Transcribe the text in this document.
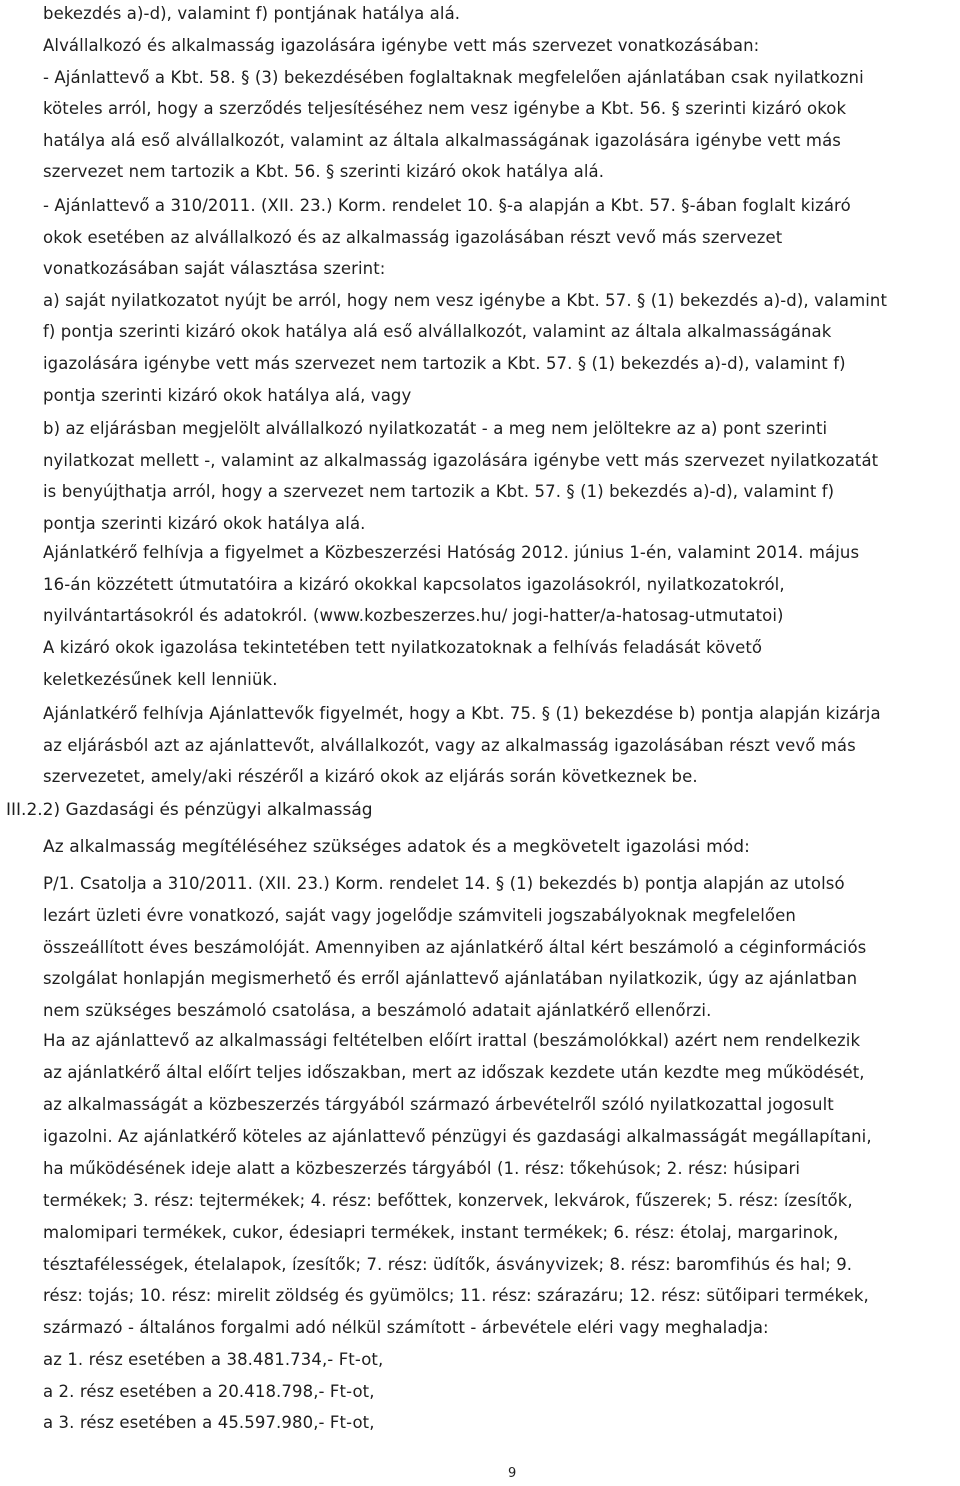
bekezdés a)-d), valamint f) pontjának hatálya alá.
Alvállalkozó és alkalmasság igazolására igénybe vett más szervezet vonatkozásában:
- Ajánlattevő a Kbt. 58. § (3) bekezdésében foglaltaknak megfelelően ajánlatában csak nyilatkozni
köteles arról, hogy a szerződés teljesítéséhez nem vesz igénybe a Kbt. 56. § szerinti kizáró okok
hatálya alá eső alvállalkozót, valamint az általa alkalmasságának igazolására igénybe vett más
szervezet nem tartozik a Kbt. 56. § szerinti kizáró okok hatálya alá.
- Ajánlattevő a 310/2011. (XII. 23.) Korm. rendelet 10. §-a alapján a Kbt. 57. §-ában foglalt kizáró
okok esetében az alvállalkozó és az alkalmasság igazolásában részt vevő más szervezet
vonatkozásában saját választása szerint:
a) saját nyilatkozatot nyújt be arról, hogy nem vesz igénybe a Kbt. 57. § (1) bekezdés a)-d), valamint
f) pontja szerinti kizáró okok hatálya alá eső alvállalkozót, valamint az általa alkalmasságának
igazolására igénybe vett más szervezet nem tartozik a Kbt. 57. § (1) bekezdés a)-d), valamint f)
pontja szerinti kizáró okok hatálya alá, vagy
b) az eljárásban megjelölt alvállalkozó nyilatkozatát - a meg nem jelöltekre az a) pont szerinti
nyilatkozat mellett -, valamint az alkalmasság igazolására igénybe vett más szervezet nyilatkozatát
is benyújthatja arról, hogy a szervezet nem tartozik a Kbt. 57. § (1) bekezdés a)-d), valamint f)
pontja szerinti kizáró okok hatálya alá.
Ajánlatkérő felhívja a figyelmet a Közbeszerzési Hatóság 2012. június 1-én, valamint 2014. május
16-án közzétett útmutatóira a kizáró okokkal kapcsolatos igazolásokról, nyilatkozatokról,
nyilvántartásokról és adatokról. (www.kozbeszerzes.hu/ jogi-hatter/a-hatosag-utmutatoi)
A kizáró okok igazolása tekintetében tett nyilatkozatoknak a felhívás feladását követő
keletkezésűnek kell lenniük.
Ajánlatkérő felhívja Ajánlattevők figyelmét, hogy a Kbt. 75. § (1) bekezdése b) pontja alapján kizárja
az eljárásból azt az ajánlattevőt, alvállalkozót, vagy az alkalmasság igazolásában részt vevő más
szervezetet, amely/aki részéről a kizáró okok az eljárás során következnek be.
III.2.2) Gazdasági és pénzügyi alkalmasság
Az alkalmasság megítéléséhez szükséges adatok és a megkövetelt igazolási mód:
P/1. Csatolja a 310/2011. (XII. 23.) Korm. rendelet 14. § (1) bekezdés b) pontja alapján az utolsó
lezárt üzleti évre vonatkozó, saját vagy jogelődje számviteli jogszabályoknak megfelelően
összeállított éves beszámolóját. Amennyiben az ajánlatkérő által kért beszámoló a céginformációs
szolgálat honlapján megismerhető és erről ajánlattevő ajánlatában nyilatkozik, úgy az ajánlatban
nem szükséges beszámoló csatolása, a beszámoló adatait ajánlatkérő ellenőrzi.
Ha az ajánlattevő az alkalmassági feltételben előírt irattal (beszámolókkal) azért nem rendelkezik
az ajánlatkérő által előírt teljes időszakban, mert az időszak kezdete után kezdte meg működését,
az alkalmasságát a közbeszerzés tárgyából származó árbevételről szóló nyilatkozattal jogosult
igazolni. Az ajánlatkérő köteles az ajánlattevő pénzügyi és gazdasági alkalmasságát megállapítani,
ha működésének ideje alatt a közbeszerzés tárgyából (1. rész: tőkehúsok; 2. rész: húsipari
termékek; 3. rész: tejtermékek; 4. rész: befőttek, konzervek, lekvárok, fűszerek; 5. rész: ízesítők,
malomipari termékek, cukor, édesiapri termékek, instant termékek; 6. rész: étolaj, margarinok,
tésztafélességek, ételalapok, ízesítők; 7. rész: üdítők, ásványvizek; 8. rész: baromfihús és hal; 9.
rész: tojás; 10. rész: mirelit zöldség és gyümölcs; 11. rész: szárazáru; 12. rész: sütőipari termékek,
származó - általános forgalmi adó nélkül számított - árbevétele eléri vagy meghaladja:
az 1. rész esetében a 38.481.734,- Ft-ot,
a 2. rész esetében a 20.418.798,- Ft-ot,
a 3. rész esetében a 45.597.980,- Ft-ot,
9
